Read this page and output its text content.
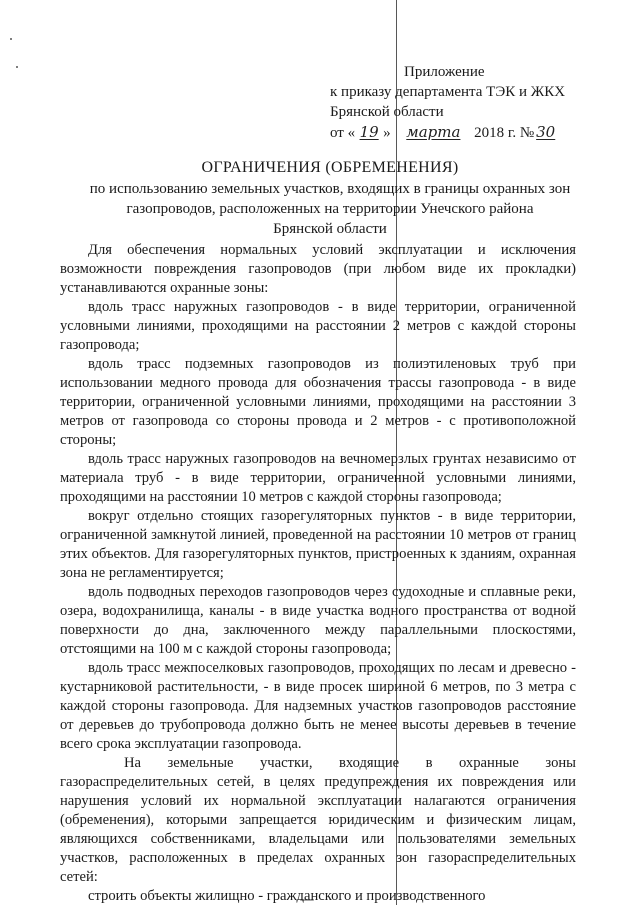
Приложение
к приказу департамента ТЭК и ЖКХ
Брянской области
от « 19 » марта 2018 г. № 30
ОГРАНИЧЕНИЯ (ОБРЕМЕНЕНИЯ)
по использованию земельных участков, входящих в границы охранных зон
газопроводов, расположенных на территории Унечского района
Брянской области

Для обеспечения нормальных условий эксплуатации и исключения возможности повреждения газопроводов (при любом виде их прокладки) устанавливаются охранные зоны:

вдоль трасс наружных газопроводов - в виде территории, ограниченной условными линиями, проходящими на расстоянии 2 метров с каждой стороны газопровода;

вдоль трасс подземных газопроводов из полиэтиленовых труб при использовании медного провода для обозначения трассы газопровода - в виде территории, ограниченной условными линиями, проходящими на расстоянии 3 метров от газопровода со стороны провода и 2 метров - с противоположной стороны;

вдоль трасс наружных газопроводов на вечномерзлых грунтах независимо от материала труб - в виде территории, ограниченной условными линиями, проходящими на расстоянии 10 метров с каждой стороны газопровода;

вокруг отдельно стоящих газорегуляторных пунктов - в виде территории, ограниченной замкнутой линией, проведенной на расстоянии 10 метров от границ этих объектов. Для газорегуляторных пунктов, пристроенных к зданиям, охранная зона не регламентируется;

вдоль подводных переходов газопроводов через судоходные и сплавные реки, озера, водохранилища, каналы - в виде участка водного пространства от водной поверхности до дна, заключенного между параллельными плоскостями, отстоящими на 100 м с каждой стороны газопровода;

вдоль трасс межпоселковых газопроводов, проходящих по лесам и древесно - кустарниковой растительности, - в виде просек шириной 6 метров, по 3 метра с каждой стороны газопровода. Для надземных участков газопроводов расстояние от деревьев до трубопровода должно быть не менее высоты деревьев в течение всего срока эксплуатации газопровода.

На земельные участки, входящие в охранные зоны газораспределительных сетей, в целях предупреждения их повреждения или нарушения условий их нормальной эксплуатации налагаются ограничения (обременения), которыми запрещается юридическим и физическим лицам, являющихся собственниками, владельцами или пользователями земельных участков, расположенных в пределах охранных зон газораспределительных сетей:

строить объекты жилищно - гражданского и производственного
